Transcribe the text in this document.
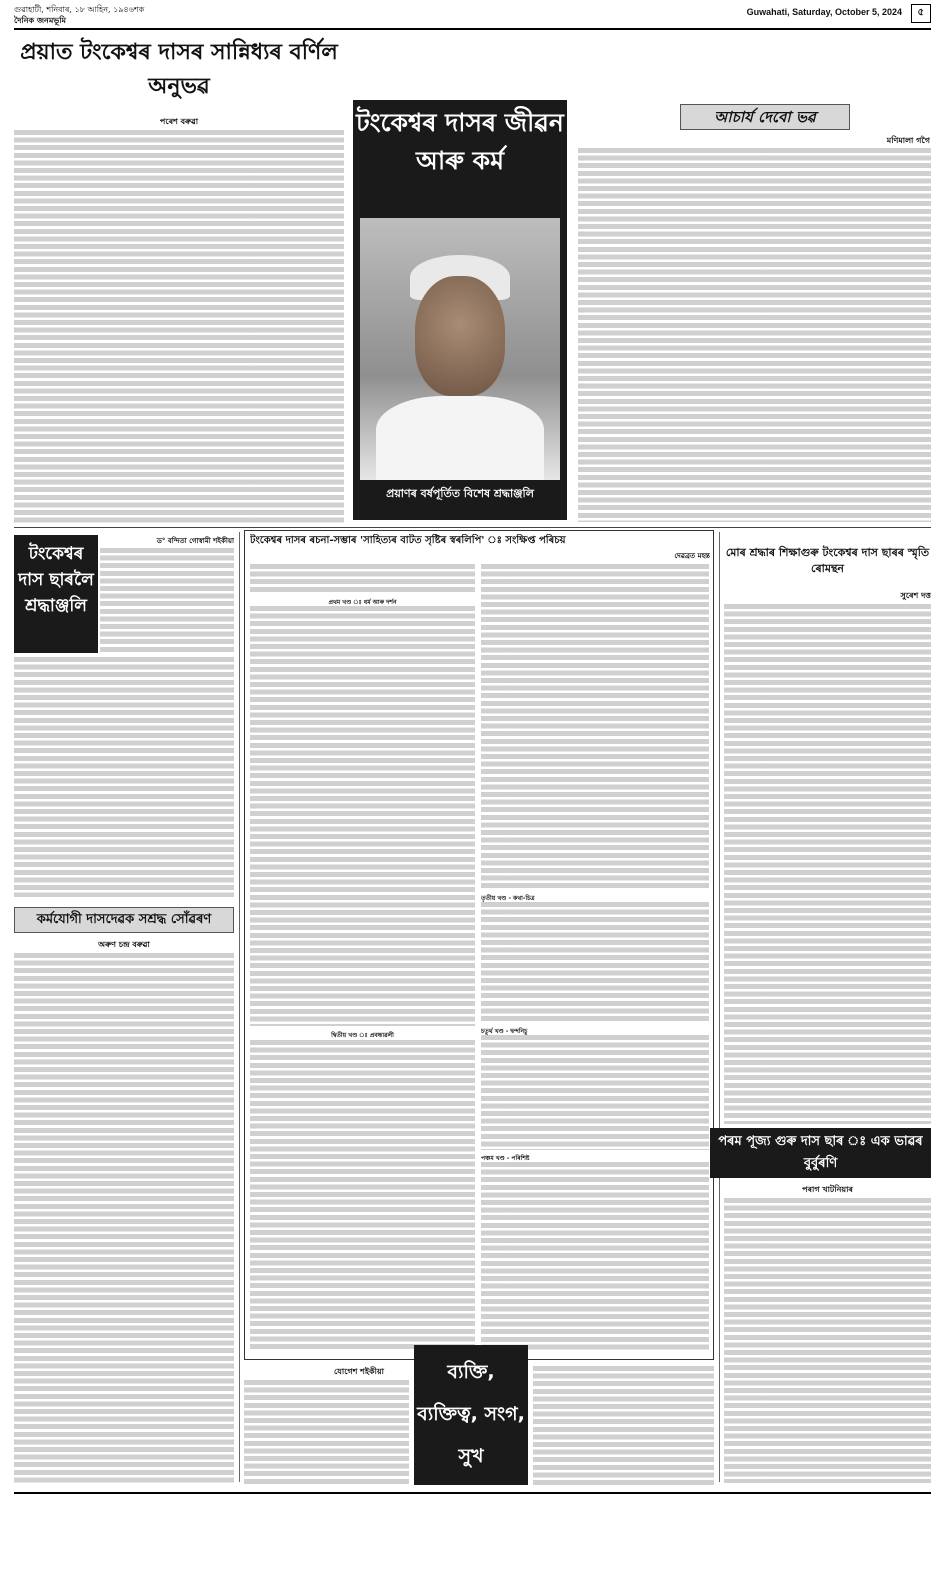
গুৱাহাটী, শনিবাৰ, ১৮ আহিন, ১৯৪৬শক
দৈনিক জনমভূমি
Guwahati, Saturday, October 5, 2024 ৫
প্ৰয়াত টংকেশ্বৰ দাসৰ সান্নিধ্যৰ বৰ্ণিল অনুভৱ
পৰেশ বৰুৱা	টংকেশ্বৰ দাসৰ জীৱন আৰু কৰ্ম
প্ৰয়াণৰ বৰ্ষপূৰ্তিত বিশেষ শ্ৰদ্ধাঞ্জলি
আচাৰ্য দেবো ভৱ
মণিমালা গগৈ
টংকেশ্বৰ দাস ছাৰলৈ শ্ৰদ্ধাঞ্জলি
ড° বন্দিতা গোস্বামী শইকীয়া
কৰ্মযোগী দাসদেৱক সশ্ৰদ্ধ সোঁৱৰণ
অৰুণ চন্দ্ৰ বৰুৱা
টংকেশ্বৰ দাসৰ ৰচনা-সম্ভাৰ 'সাহিত্যৰ বাটত সৃষ্টিৰ স্বৰলিপি' ঃ সংক্ষিপ্ত পৰিচয়
দেৱব্ৰত মহন্ত
প্ৰথম খণ্ড ঃ ধৰ্ম আৰু দৰ্শন
দ্বিতীয় খণ্ড ঃ প্ৰবন্ধাৱলী
তৃতীয় খণ্ড - কথা-চিত্ৰ
চতুৰ্থ খণ্ড - দ্বন্দনিচু
পঞ্চম খণ্ড - পৰিশিষ্ট
যোগেশ শইকীয়া	ব্যক্তি, ব্যক্তিত্ব, সংগ, সুখ
মোৰ শ্ৰদ্ধাৰ শিক্ষাগুৰু টংকেশ্বৰ দাস ছাৰৰ স্মৃতি ৰোমন্থন
সুৰেশ দত্ত
পৰম পূজ্য গুৰু দাস ছাৰ ঃ এক ভাৱৰ বুৰ্বুৰণি
পৰাগ খাটনিয়াৰ
